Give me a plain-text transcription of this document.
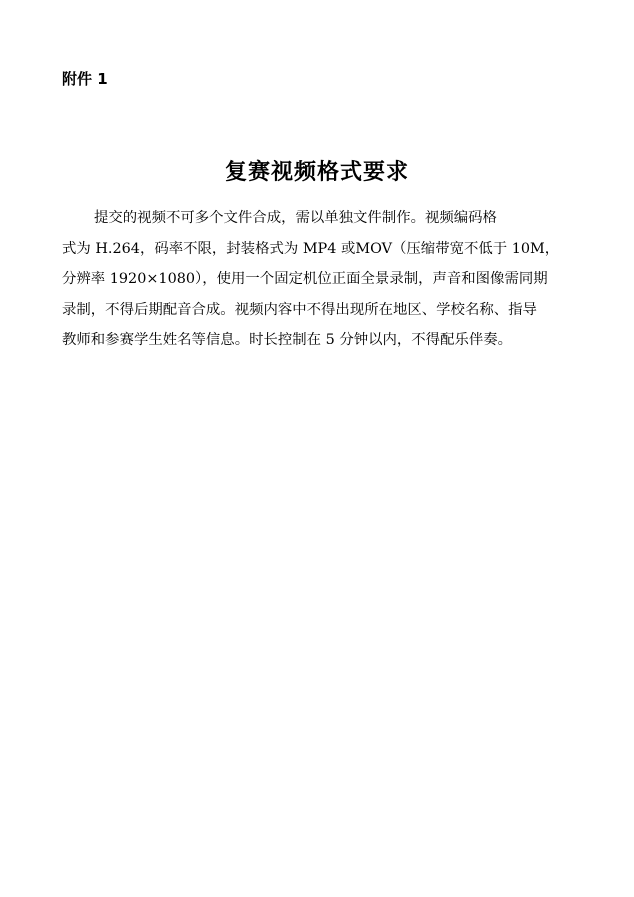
附件 1
复赛视频格式要求
提交的视频不可多个文件合成，需以单独文件制作。视频编码格
式为 H.264，码率不限，封装格式为 MP4 或MOV（压缩带宽不低于 10M，
分辨率 1920×1080），使用一个固定机位正面全景录制，声音和图像需同期
录制，不得后期配音合成。视频内容中不得出现所在地区、学校名称、指导
教师和参赛学生姓名等信息。时长控制在 5 分钟以内，不得配乐伴奏。
